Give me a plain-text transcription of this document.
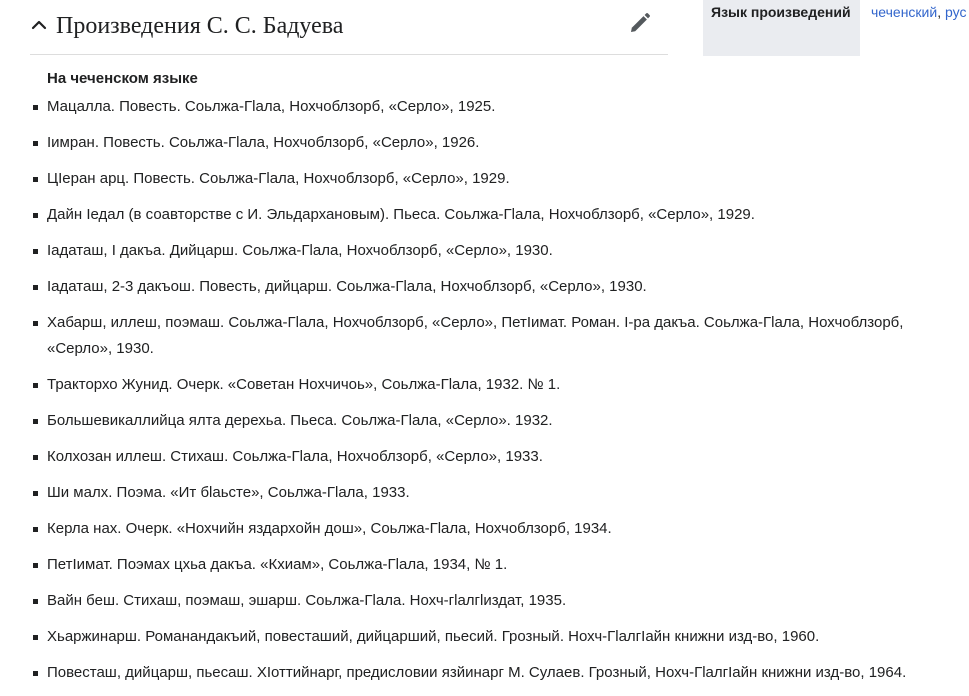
Произведения С. С. Бадуева
Язык произведений	чеченский, рус
На чеченском языке
Мацалла. Повесть. Соьлжа-Гlала, Нохчоблзорб, «Серло», 1925.
Iимран. Повесть. Соьлжа-Гlала, Нохчоблзорб, «Серло», 1926.
ЦIеран арц. Повесть. Соьлжа-Гlала, Нохчоблзорб, «Серло», 1929.
Дайн Iедал (в соавторстве с И. Эльдархановым). Пьеса. Соьлжа-Гlала, Нохчоблзорб, «Серло», 1929.
Iадаташ, I дакъа. Дийцарш. Соьлжа-Гlала, Нохчоблзорб, «Серло», 1930.
Iадаташ, 2-3 дакъош. Повесть, дийцарш. Соьлжа-Гlала, Нохчоблзорб, «Серло», 1930.
Хабарш, иллеш, поэмаш. Соьлжа-Гlала, Нохчоблзорб, «Серло», ПетIимат. Роман. I-ра дакъа. Соьлжа-Гlала, Нохчоблзорб, «Серло», 1930.
Тракторхо Жунид. Очерк. «Советан Нохчичоь», Соьлжа-Гlала, 1932. № 1.
Большевикаллийца ялта дерехьа. Пьеса. Соьлжа-Гlала, «Серло». 1932.
Колхозан иллеш. Стихаш. Соьлжа-Гlала, Нохчоблзорб, «Серло», 1933.
Ши малх. Поэма. «Ит бlаьсте», Соьлжа-Гlала, 1933.
Керла нах. Очерк. «Нохчийн яздархойн дош», Соьлжа-Гlала, Нохчоблзорб, 1934.
ПетIимат. Поэмах цхьа дакъа. «Кхиам», Соьлжа-Гlала, 1934, № 1.
Вайн беш. Стихаш, поэмаш, эшарш. Соьлжа-Гlала. Нохч-гlалгlиздат, 1935.
Хьаржинарш. Романандакъий, повесташий, дийцарший, пьесий. Грозный. Нохч-ГlалгIайн книжни изд-во, 1960.
Повесташ, дийцарш, пьесаш. ХIоттийнарг, предисловии язйинарг М. Сулаев. Грозный, Нохч-ГlалгIайн книжни изд-во, 1964.
